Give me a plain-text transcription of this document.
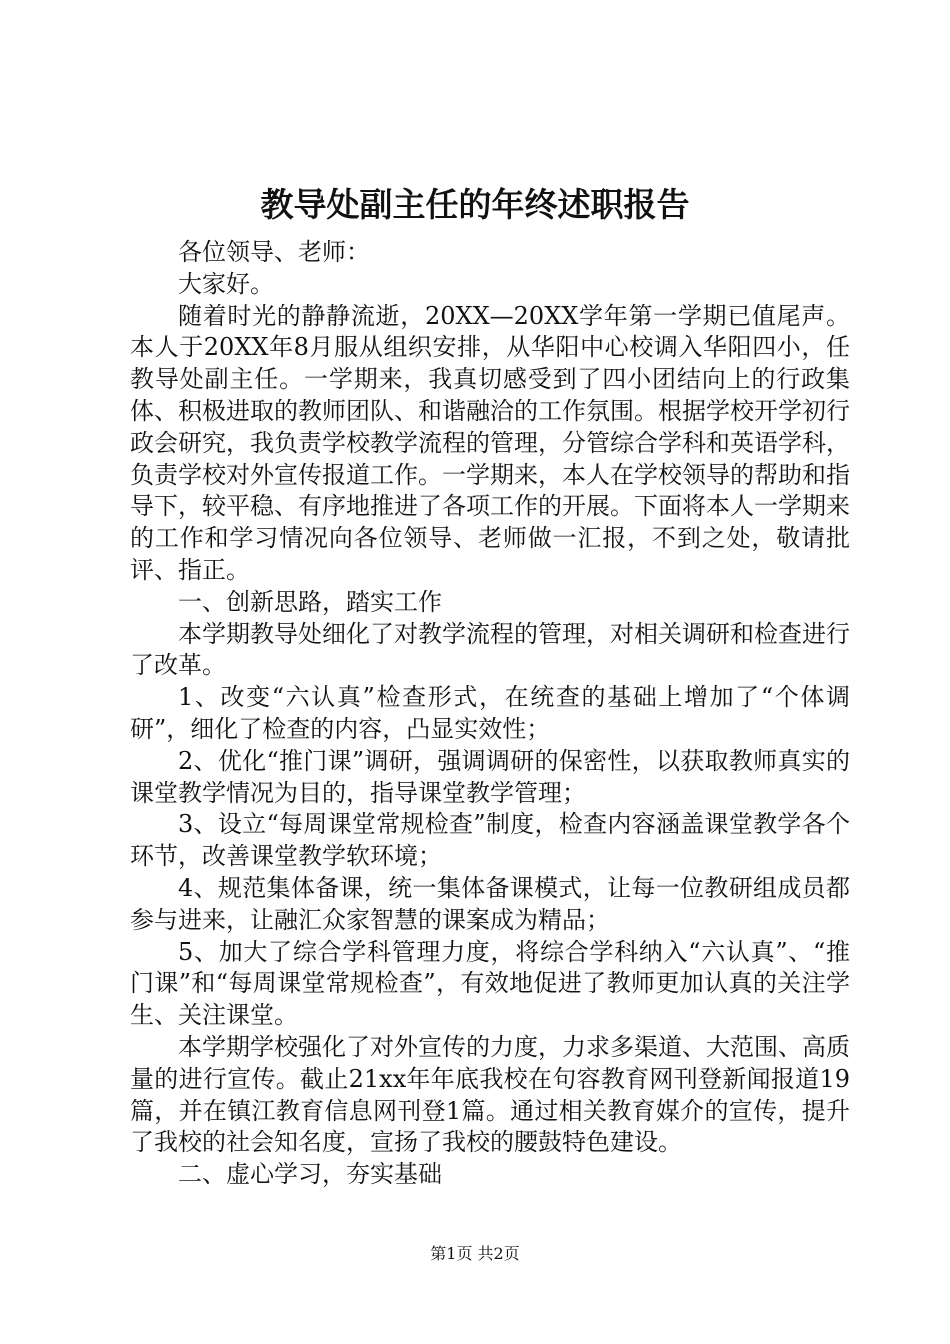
教导处副主任的年终述职报告

各位领导、老师：

大家好。

随着时光的静静流逝，20XX—20XX学年第一学期已值尾声。本人于20XX年8月服从组织安排，从华阳中心校调入华阳四小，任教导处副主任。一学期来，我真切感受到了四小团结向上的行政集体、积极进取的教师团队、和谐融洽的工作氛围。根据学校开学初行政会研究，我负责学校教学流程的管理，分管综合学科和英语学科，负责学校对外宣传报道工作。一学期来，本人在学校领导的帮助和指导下，较平稳、有序地推进了各项工作的开展。下面将本人一学期来的工作和学习情况向各位领导、老师做一汇报，不到之处，敬请批评、指正。

一、创新思路，踏实工作

本学期教导处细化了对教学流程的管理，对相关调研和检查进行了改革。

1、改变“六认真”检查形式，在统查的基础上增加了“个体调研”，细化了检查的内容，凸显实效性；

2、优化“推门课”调研，强调调研的保密性，以获取教师真实的课堂教学情况为目的，指导课堂教学管理；

3、设立“每周课堂常规检查”制度，检查内容涵盖课堂教学各个环节，改善课堂教学软环境；

4、规范集体备课，统一集体备课模式，让每一位教研组成员都参与进来，让融汇众家智慧的课案成为精品；

5、加大了综合学科管理力度，将综合学科纳入“六认真”、“推门课”和“每周课堂常规检查”，有效地促进了教师更加认真的关注学生、关注课堂。

本学期学校强化了对外宣传的力度，力求多渠道、大范围、高质量的进行宣传。截止21xx年年底我校在句容教育网刊登新闻报道19篇，并在镇江教育信息网刊登1篇。通过相关教育媒介的宣传，提升了我校的社会知名度，宣扬了我校的腰鼓特色建设。

二、虚心学习，夯实基础

第1页 共2页
